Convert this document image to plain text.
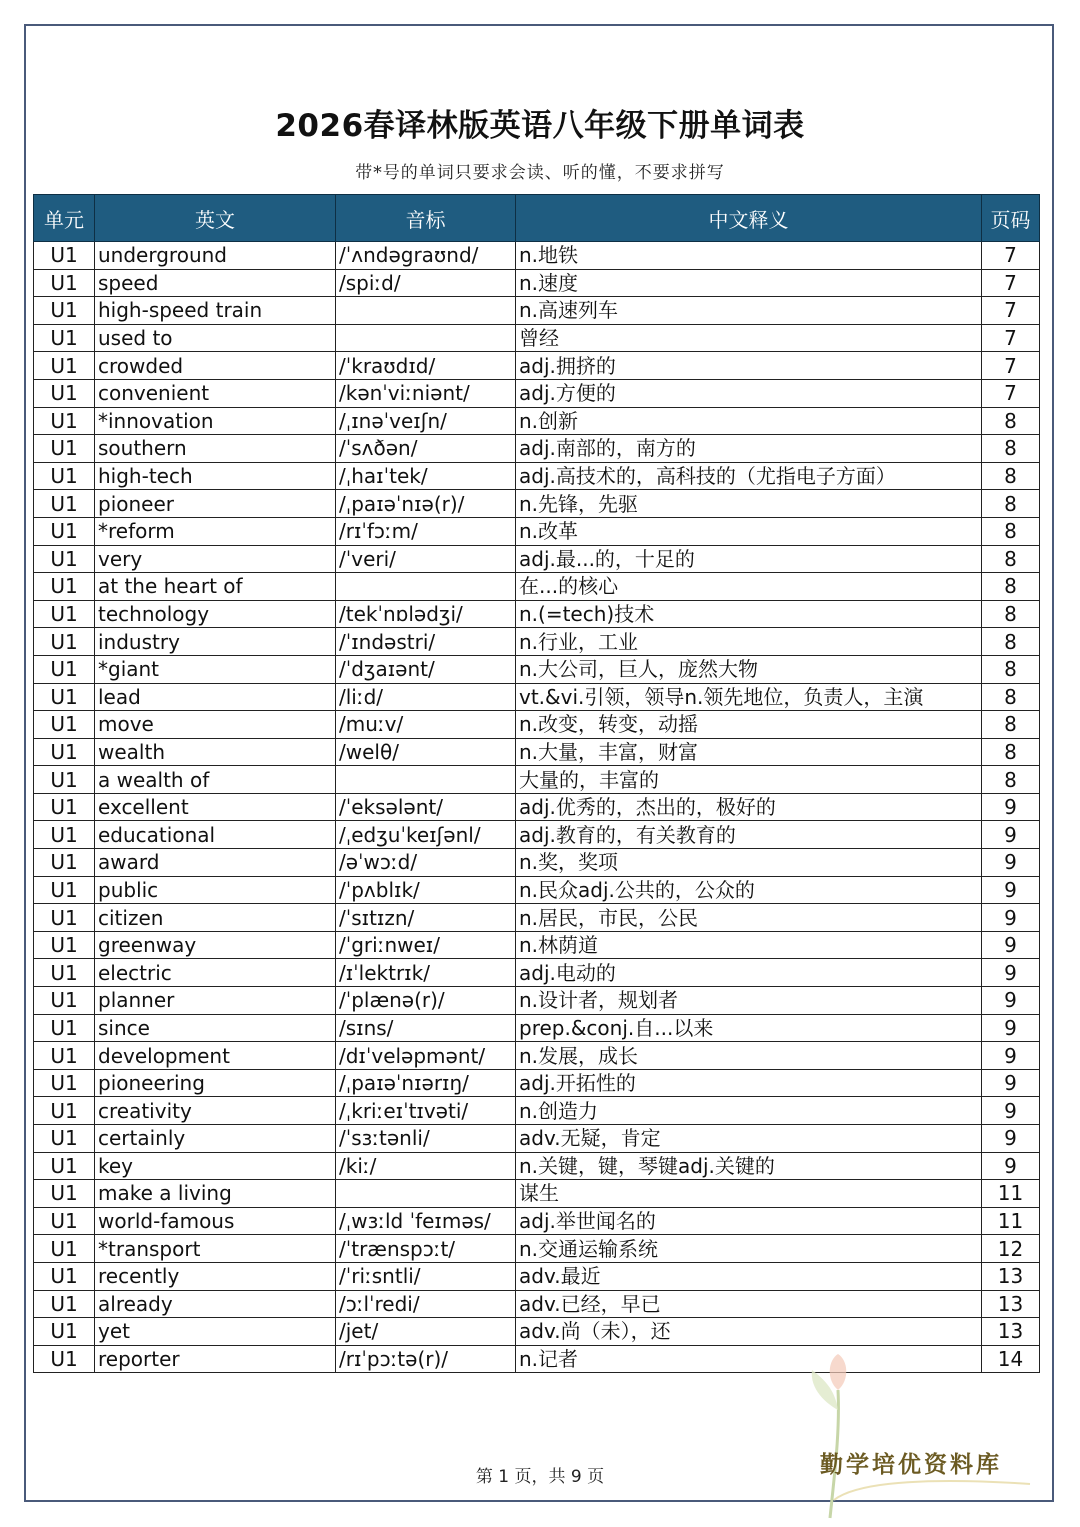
2026春译林版英语八年级下册单词表
带*号的单词只要求会读、听的懂，不要求拼写
单元	英文	音标	中文释义	页码
U1	underground	/ˈʌndəgraʊnd/	n.地铁	7
U1	speed	/spiːd/	n.速度	7
U1	high-speed train		n.高速列车	7
U1	used to		曾经	7
U1	crowded	/ˈkraʊdɪd/	adj.拥挤的	7
U1	convenient	/kənˈviːniənt/	adj.方便的	7
U1	*innovation	/ˌɪnəˈveɪʃn/	n.创新	8
U1	southern	/ˈsʌðən/	adj.南部的，南方的	8
U1	high-tech	/ˌhaɪˈtek/	adj.高技术的，高科技的（尤指电子方面）	8
U1	pioneer	/ˌpaɪəˈnɪə(r)/	n.先锋，先驱	8
U1	*reform	/rɪˈfɔːm/	n.改革	8
U1	very	/ˈveri/	adj.最...的，十足的	8
U1	at the heart of		在...的核心	8
U1	technology	/tekˈnɒlədʒi/	n.(=tech)技术	8
U1	industry	/ˈɪndəstri/	n.行业，工业	8
U1	*giant	/ˈdʒaɪənt/	n.大公司，巨人，庞然大物	8
U1	lead	/liːd/	vt.&vi.引领，领导n.领先地位，负责人，主演	8
U1	move	/muːv/	n.改变，转变，动摇	8
U1	wealth	/welθ/	n.大量，丰富，财富	8
U1	a wealth of		大量的，丰富的	8
U1	excellent	/ˈeksələnt/	adj.优秀的，杰出的，极好的	9
U1	educational	/ˌedʒuˈkeɪʃənl/	adj.教育的，有关教育的	9
U1	award	/əˈwɔːd/	n.奖，奖项	9
U1	public	/ˈpʌblɪk/	n.民众adj.公共的，公众的	9
U1	citizen	/ˈsɪtɪzn/	n.居民，市民，公民	9
U1	greenway	/ˈgriːnweɪ/	n.林荫道	9
U1	electric	/ɪˈlektrɪk/	adj.电动的	9
U1	planner	/ˈplænə(r)/	n.设计者，规划者	9
U1	since	/sɪns/	prep.&conj.自...以来	9
U1	development	/dɪˈveləpmənt/	n.发展，成长	9
U1	pioneering	/ˌpaɪəˈnɪərɪŋ/	adj.开拓性的	9
U1	creativity	/ˌkriːeɪˈtɪvəti/	n.创造力	9
U1	certainly	/ˈsɜːtənli/	adv.无疑，肯定	9
U1	key	/kiː/	n.关键，键，琴键adj.关键的	9
U1	make a living		谋生	11
U1	world-famous	/ˌwɜːld ˈfeɪməs/	adj.举世闻名的	11
U1	*transport	/ˈtrænspɔːt/	n.交通运输系统	12
U1	recently	/ˈriːsntli/	adv.最近	13
U1	already	/ɔːlˈredi/	adv.已经，早已	13
U1	yet	/jet/	adv.尚（未），还	13
U1	reporter	/rɪˈpɔːtə(r)/	n.记者	14
第 1 页，共 9 页	勤学培优资料库
